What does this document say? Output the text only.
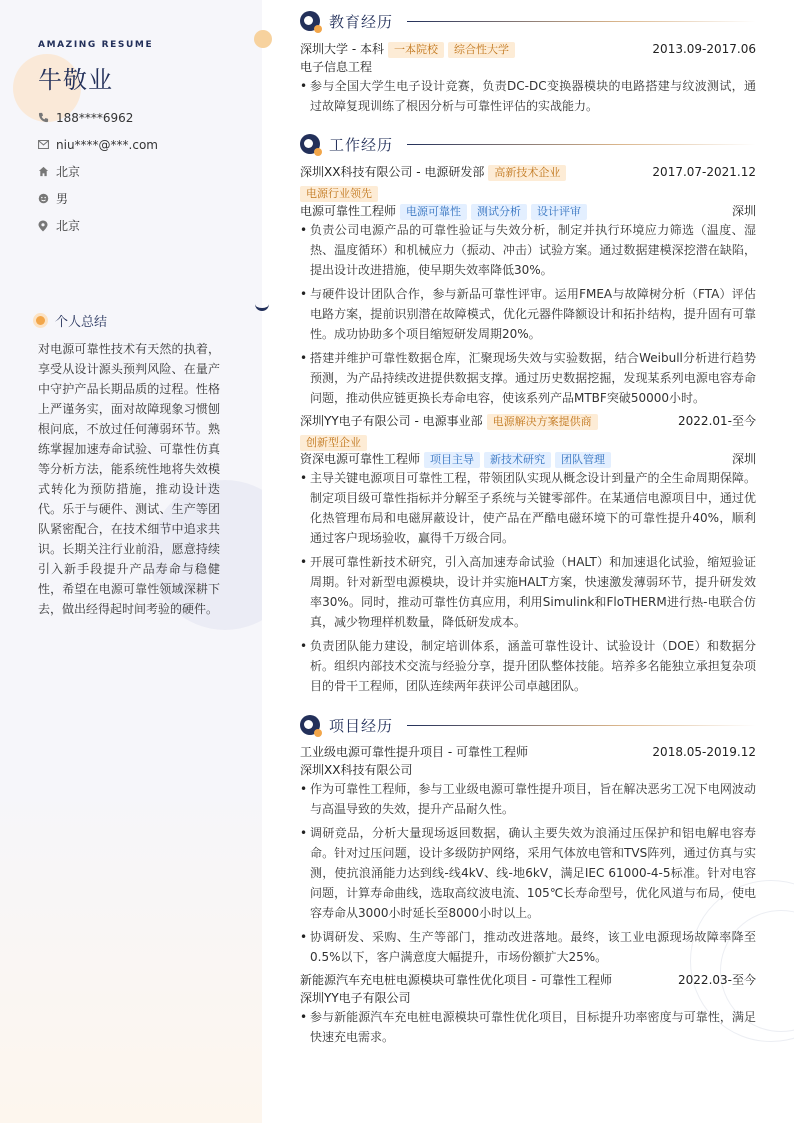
AMAZING RESUME
牛敬业
188****6962
niu****@***.com
北京
男
北京
个人总结
对电源可靠性技术有天然的执着，享受从设计源头预判风险、在量产中守护产品长期品质的过程。性格上严谨务实，面对故障现象习惯刨根问底，不放过任何薄弱环节。熟练掌握加速寿命试验、可靠性仿真等分析方法，能系统性地将失效模式转化为预防措施，推动设计迭代。乐于与硬件、测试、生产等团队紧密配合，在技术细节中追求共识。长期关注行业前沿，愿意持续引入新手段提升产品寿命与稳健性，希望在电源可靠性领域深耕下去，做出经得起时间考验的硬件。
教育经历
深圳大学 - 本科 一本院校 综合性大学	2013.09-2017.06
电子信息工程
• 参与全国大学生电子设计竞赛，负责DC-DC变换器模块的电路搭建与纹波测试，通过故障复现训练了根因分析与可靠性评估的实战能力。
工作经历
深圳XX科技有限公司 - 电源研发部 高新技术企业	2017.07-2021.12
电源行业领先
电源可靠性工程师 电源可靠性 测试分析 设计评审	深圳
• 负责公司电源产品的可靠性验证与失效分析，制定并执行环境应力筛选（温度、湿热、温度循环）和机械应力（振动、冲击）试验方案。通过数据建模深挖潜在缺陷，提出设计改进措施，使早期失效率降低30%。
• 与硬件设计团队合作，参与新品可靠性评审。运用FMEA与故障树分析（FTA）评估电路方案，提前识别潜在故障模式，优化元器件降额设计和拓扑结构，提升固有可靠性。成功协助多个项目缩短研发周期20%。
• 搭建并维护可靠性数据仓库，汇聚现场失效与实验数据，结合Weibull分析进行趋势预测，为产品持续改进提供数据支撑。通过历史数据挖掘，发现某系列电源电容寿命问题，推动供应链更换长寿命电容，使该系列产品MTBF突破50000小时。
深圳YY电子有限公司 - 电源事业部 电源解决方案提供商	2022.01-至今
创新型企业
资深电源可靠性工程师 项目主导 新技术研究 团队管理	深圳
• 主导关键电源项目可靠性工程，带领团队实现从概念设计到量产的全生命周期保障。制定项目级可靠性指标并分解至子系统与关键零部件。在某通信电源项目中，通过优化热管理布局和电磁屏蔽设计，使产品在严酷电磁环境下的可靠性提升40%，顺利通过客户现场验收，赢得千万级合同。
• 开展可靠性新技术研究，引入高加速寿命试验（HALT）和加速退化试验，缩短验证周期。针对新型电源模块，设计并实施HALT方案，快速激发薄弱环节，提升研发效率30%。同时，推动可靠性仿真应用，利用Simulink和FloTHERM进行热-电联合仿真，减少物理样机数量，降低研发成本。
• 负责团队能力建设，制定培训体系，涵盖可靠性设计、试验设计（DOE）和数据分析。组织内部技术交流与经验分享，提升团队整体技能。培养多名能独立承担复杂项目的骨干工程师，团队连续两年获评公司卓越团队。
项目经历
工业级电源可靠性提升项目 - 可靠性工程师	2018.05-2019.12
深圳XX科技有限公司
• 作为可靠性工程师，参与工业级电源可靠性提升项目，旨在解决恶劣工况下电网波动与高温导致的失效，提升产品耐久性。
• 调研竞品，分析大量现场返回数据，确认主要失效为浪涌过压保护和铝电解电容寿命。针对过压问题，设计多级防护网络，采用气体放电管和TVS阵列，通过仿真与实测，使抗浪涌能力达到线-线4kV、线-地6kV，满足IEC 61000-4-5标准。针对电容问题，计算寿命曲线，选取高纹波电流、105℃长寿命型号，优化风道与布局，使电容寿命从3000小时延长至8000小时以上。
• 协调研发、采购、生产等部门，推动改进落地。最终，该工业电源现场故障率降至0.5%以下，客户满意度大幅提升，市场份额扩大25%。
新能源汽车充电桩电源模块可靠性优化项目 - 可靠性工程师	2022.03-至今
深圳YY电子有限公司
• 参与新能源汽车充电桩电源模块可靠性优化项目，目标提升功率密度与可靠性，满足快速充电需求。
